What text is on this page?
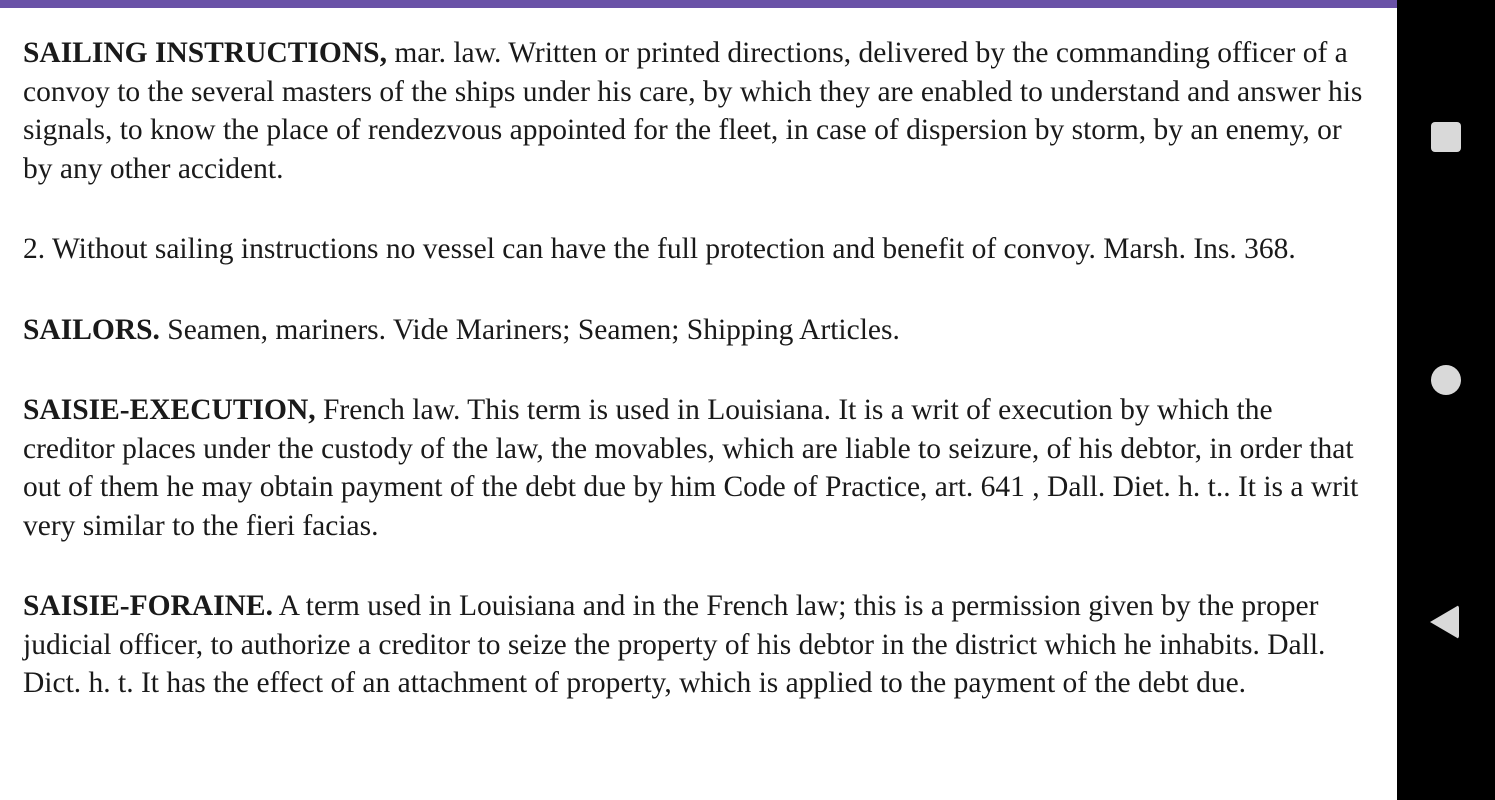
SAILING INSTRUCTIONS, mar. law. Written or printed directions, delivered by the commanding officer of a convoy to the several masters of the ships under his care, by which they are enabled to understand and answer his signals, to know the place of rendezvous appointed for the fleet, in case of dispersion by storm, by an enemy, or by any other accident.

2. Without sailing instructions no vessel can have the full protection and benefit of convoy. Marsh. Ins. 368.

SAILORS. Seamen, mariners. Vide Mariners; Seamen; Shipping Articles.

SAISIE-EXECUTION, French law. This term is used in Louisiana. It is a writ of execution by which the creditor places under the custody of the law, the movables, which are liable to seizure, of his debtor, in order that out of them he may obtain payment of the debt due by him Code of Practice, art. 641 , Dall. Diet. h. t.. It is a writ very similar to the fieri facias.

SAISIE-FORAINE. A term used in Louisiana and in the French law; this is a permission given by the proper judicial officer, to authorize a creditor to seize the property of his debtor in the district which he inhabits. Dall. Dict. h. t. It has the effect of an attachment of property, which is applied to the payment of the debt due.
